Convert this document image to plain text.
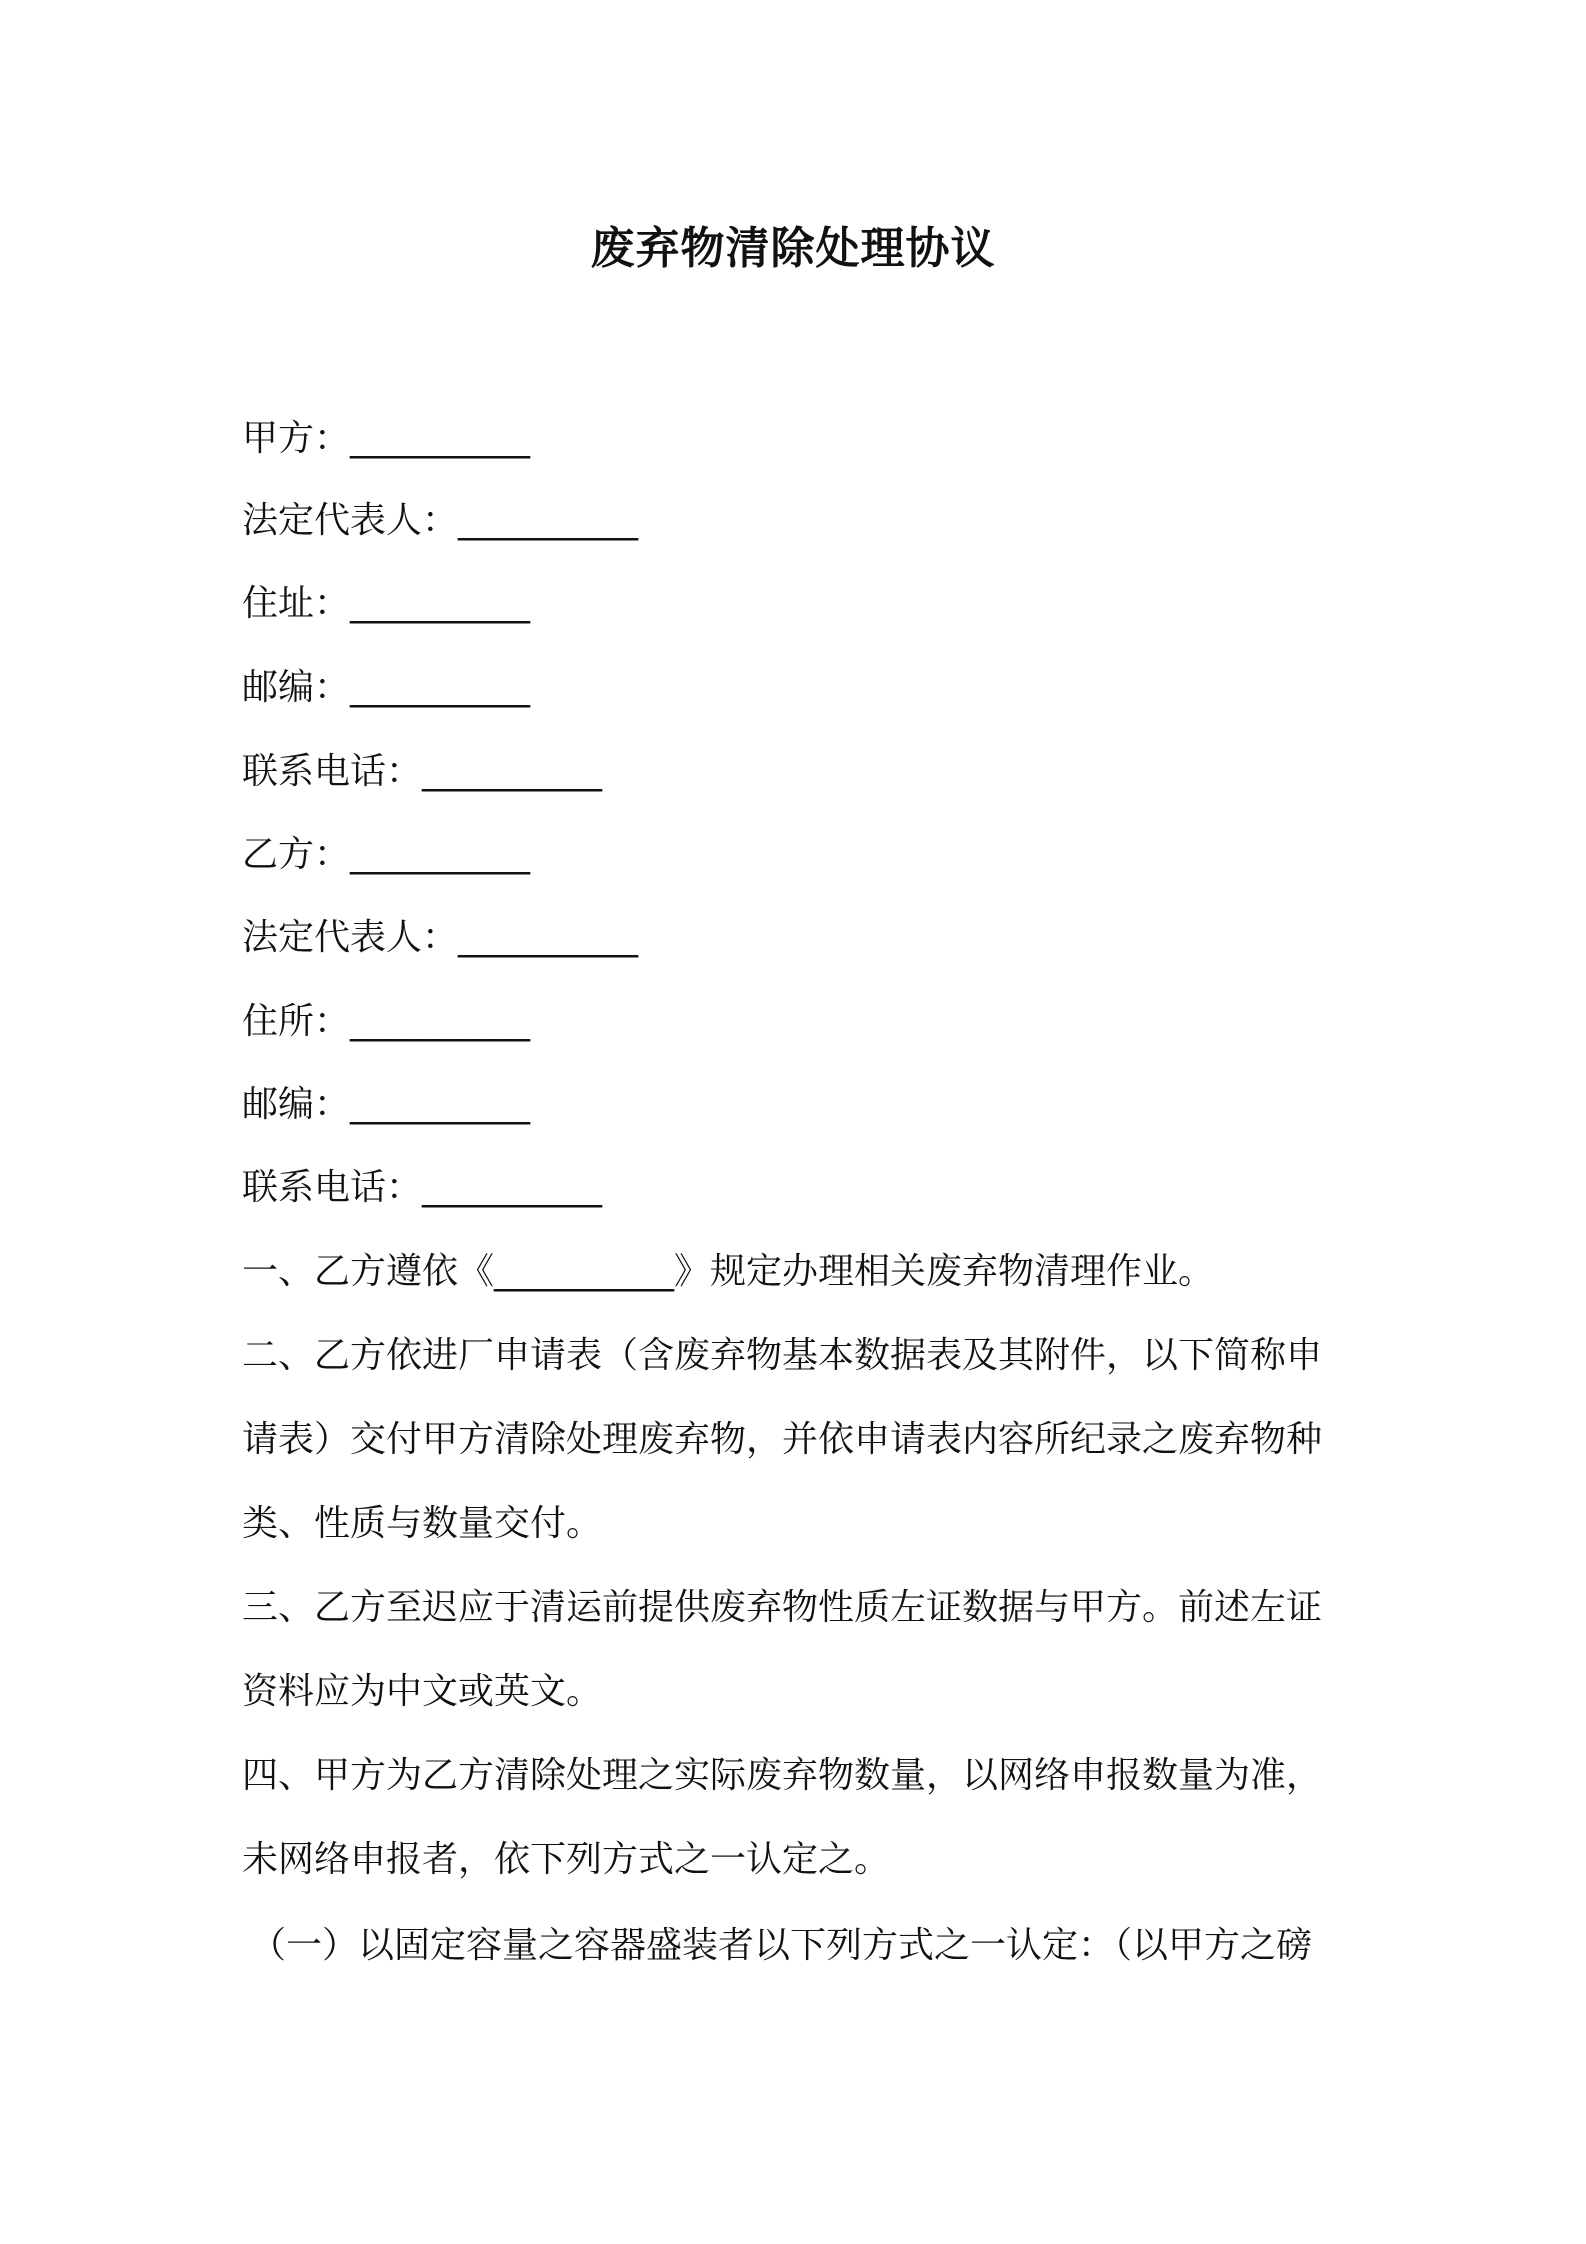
废弃物清除处理协议
甲方：__________
法定代表人：__________
住址：__________
邮编：__________
联系电话：__________
乙方：__________
法定代表人：__________
住所：__________
邮编：__________
联系电话：__________
一、乙方遵依《__________》规定办理相关废弃物清理作业。
二、乙方依进厂申请表（含废弃物基本数据表及其附件，以下简称申
请表）交付甲方清除处理废弃物，并依申请表内容所纪录之废弃物种
类、性质与数量交付。
三、乙方至迟应于清运前提供废弃物性质左证数据与甲方。前述左证
资料应为中文或英文。
四、甲方为乙方清除处理之实际废弃物数量，以网络申报数量为准，
未网络申报者，依下列方式之一认定之。
（一）以固定容量之容器盛装者以下列方式之一认定：（以甲方之磅
